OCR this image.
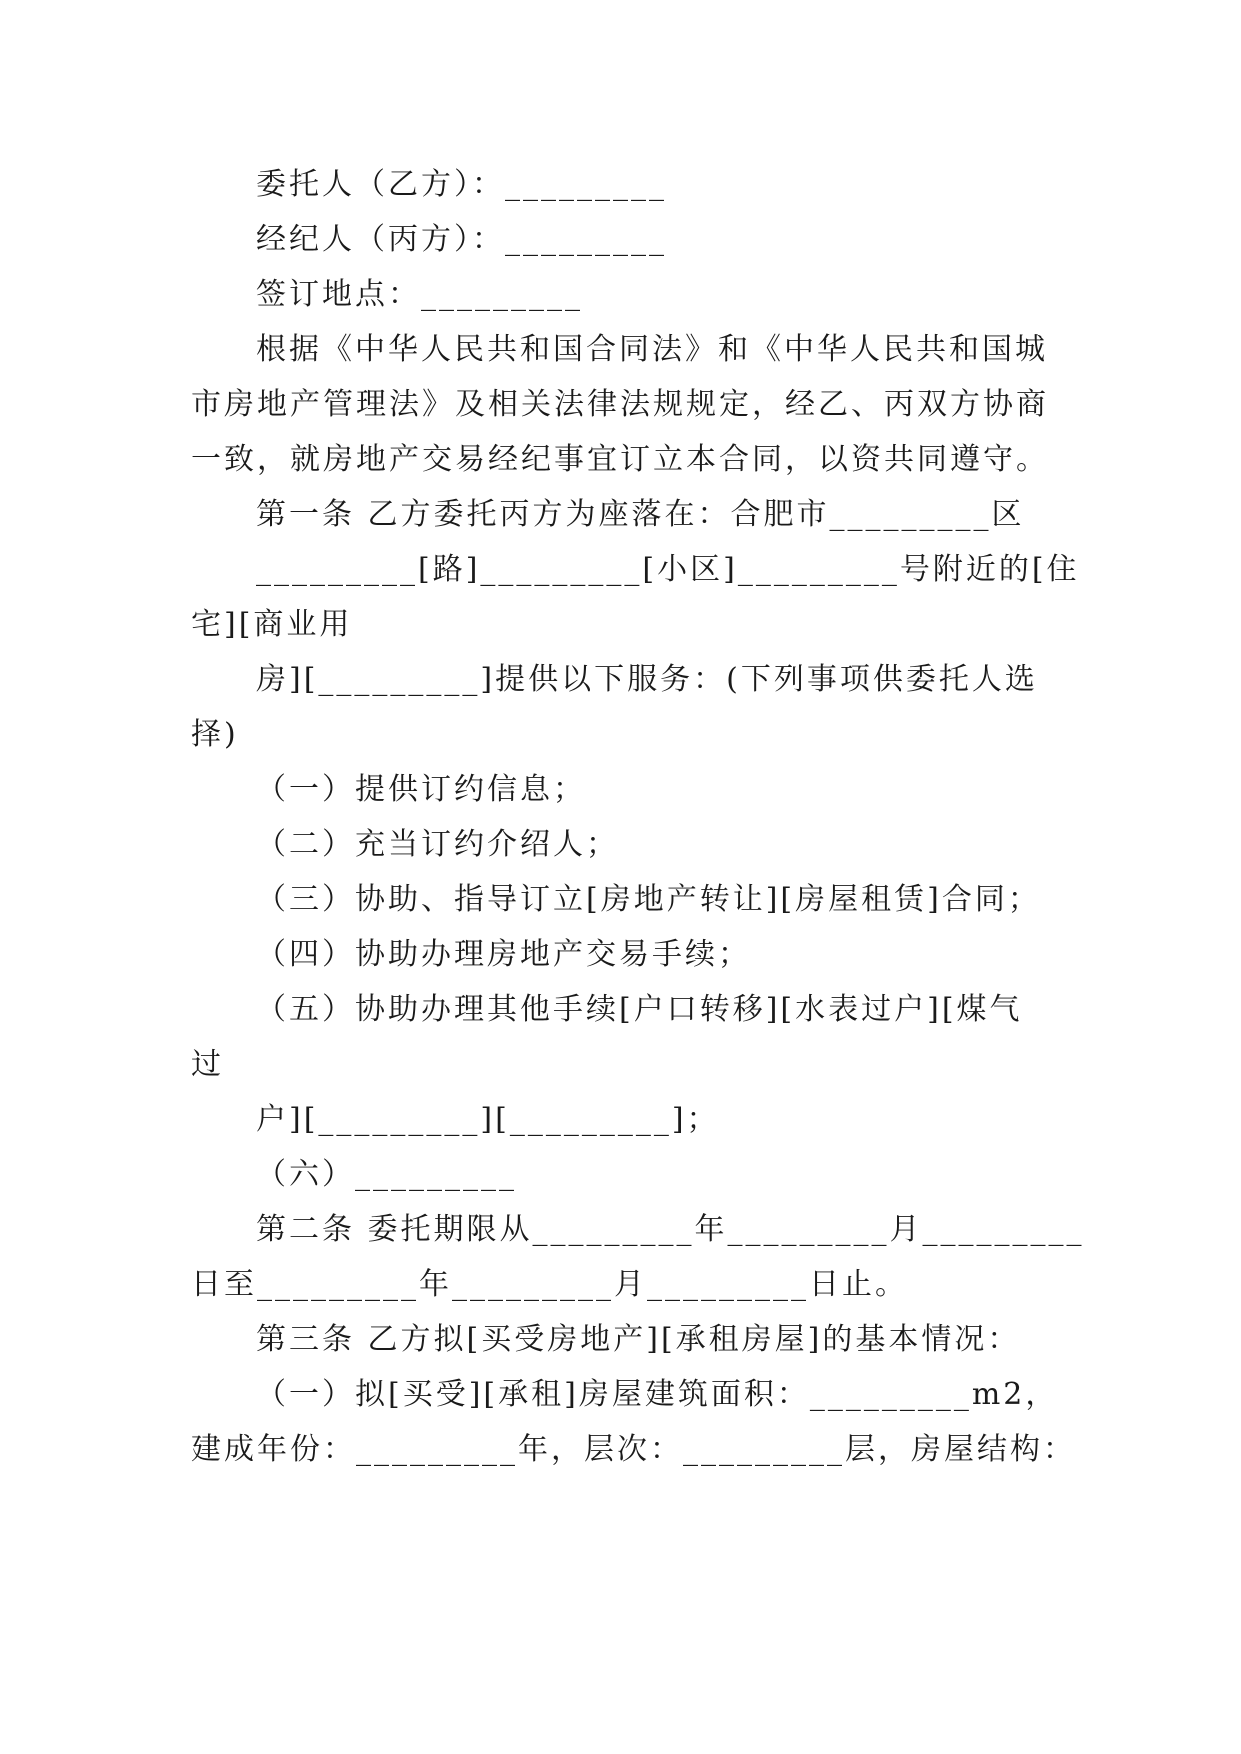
委托人（乙方）：_________

经纪人（丙方）：_________

签订地点：_________

根据《中华人民共和国合同法》和《中华人民共和国城

市房地产管理法》及相关法律法规规定，经乙、丙双方协商

一致，就房地产交易经纪事宜订立本合同，以资共同遵守。

第一条 乙方委托丙方为座落在：合肥市_________区

_________[路]_________[小区]_________号附近的[住

宅][商业用

房][_________]提供以下服务：(下列事项供委托人选

择)

（一）提供订约信息；

（二）充当订约介绍人；

（三）协助、指导订立[房地产转让][房屋租赁]合同；

（四）协助办理房地产交易手续；

（五）协助办理其他手续[户口转移][水表过户][煤气

过

户][_________][_________]；

（六）_________

第二条 委托期限从_________年_________月_________

日至_________年_________月_________日止。

第三条 乙方拟[买受房地产][承租房屋]的基本情况：

（一）拟[买受][承租]房屋建筑面积：_________m2，

建成年份：_________年，层次：_________层，房屋结构：
